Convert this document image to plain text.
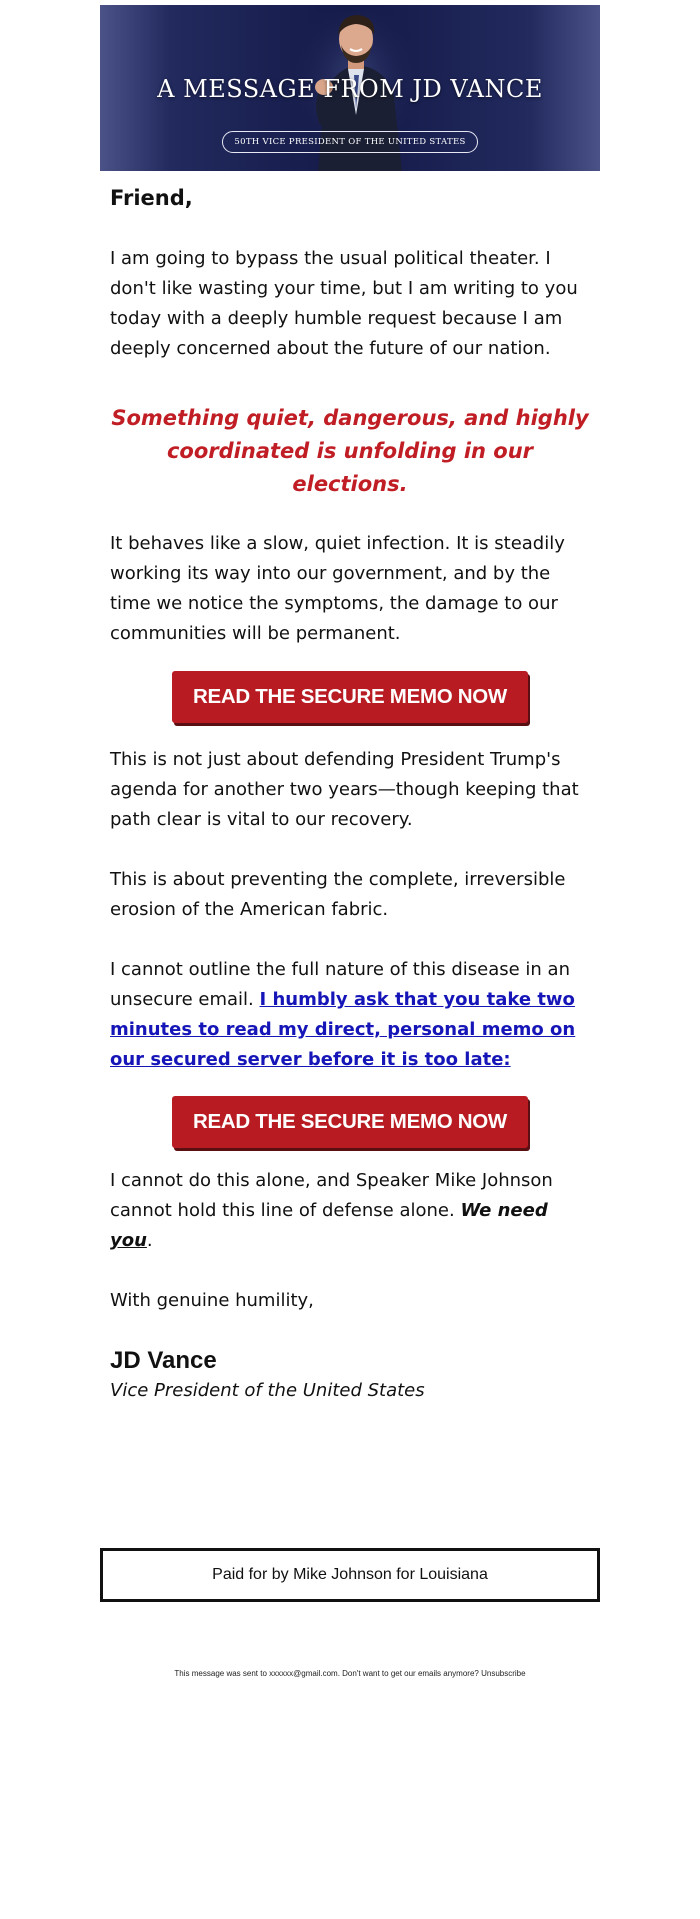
A MESSAGE FROM JD VANCE
50TH VICE PRESIDENT OF THE UNITED STATES

Friend,

I am going to bypass the usual political theater. I don't like wasting your time, but I am writing to you today with a deeply humble request because I am deeply concerned about the future of our nation.

Something quiet, dangerous, and highly coordinated is unfolding in our elections.

It behaves like a slow, quiet infection. It is steadily working its way into our government, and by the time we notice the symptoms, the damage to our communities will be permanent.

READ THE SECURE MEMO NOW

This is not just about defending President Trump's agenda for another two years—though keeping that path clear is vital to our recovery.

This is about preventing the complete, irreversible erosion of the American fabric.

I cannot outline the full nature of this disease in an unsecure email. I humbly ask that you take two minutes to read my direct, personal memo on our secured server before it is too late:

READ THE SECURE MEMO NOW

I cannot do this alone, and Speaker Mike Johnson cannot hold this line of defense alone. We need you.

With genuine humility,

JD Vance

Vice President of the United States

Paid for by Mike Johnson for Louisiana
This message was sent to xxxxxx@gmail.com. Don't want to get our emails anymore? Unsubscribe
